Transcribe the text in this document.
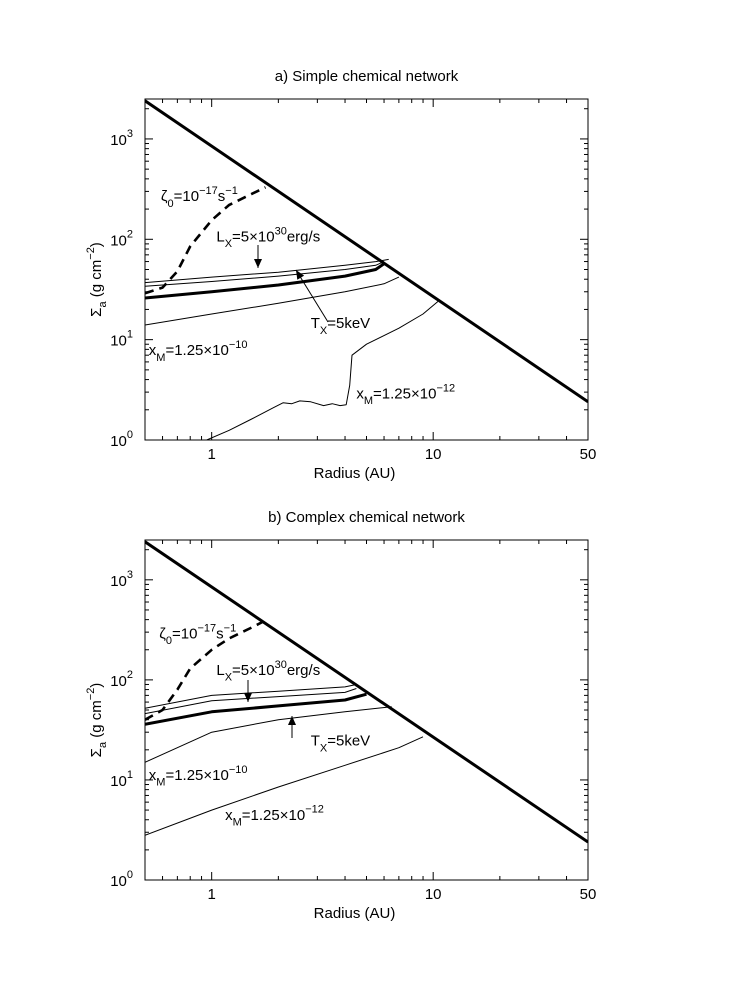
a) Simple chemical network
1	10	50
$10^0$
$10^1$
$10^2$
$10^3$
Radius (AU)
$\Sigma_a$ (g $cm^{-2}$)
$\zeta_0=10^{-17}s^{-1}$
$L_X=5\times 10^{30}erg/s$
$T_X=5keV$
$x_M=1.25\times 10^{-10}$
$x_M=1.25\times 10^{-12}$
b) Complex chemical network
1	10	50
$10^0$
$10^1$
$10^2$
$10^3$
Radius (AU)
$\Sigma_a$ (g $cm^{-2}$)
$\zeta_0=10^{-17}s^{-1}$
$L_X=5\times 10^{30}erg/s$
$T_X=5keV$
$x_M=1.25\times 10^{-10}$
$x_M=1.25\times 10^{-12}$
